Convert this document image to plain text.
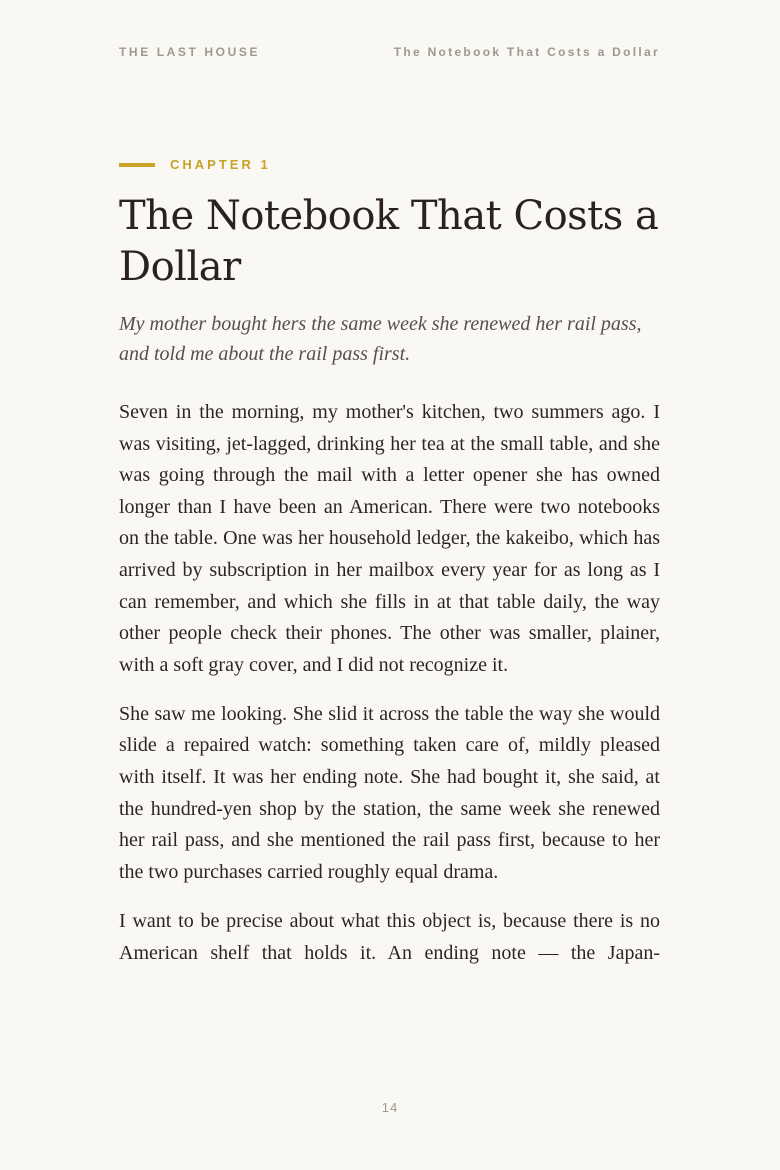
THE LAST HOUSE	The Notebook That Costs a Dollar
CHAPTER 1
The Notebook That Costs a Dollar

My mother bought hers the same week she renewed her rail pass, and told me about the rail pass first.

Seven in the morning, my mother's kitchen, two summers ago. I was visiting, jet-lagged, drinking her tea at the small table, and she was going through the mail with a letter opener she has owned longer than I have been an American. There were two notebooks on the table. One was her household ledger, the kakeibo, which has arrived by subscription in her mailbox every year for as long as I can remember, and which she fills in at that table daily, the way other people check their phones. The other was smaller, plainer, with a soft gray cover, and I did not recognize it.

She saw me looking. She slid it across the table the way she would slide a repaired watch: something taken care of, mildly pleased with itself. It was her ending note. She had bought it, she said, at the hundred-yen shop by the station, the same week she renewed her rail pass, and she mentioned the rail pass first, because to her the two purchases carried roughly equal drama.

I want to be precise about what this object is, because there is no American shelf that holds it. An ending note — the Japan-

14
